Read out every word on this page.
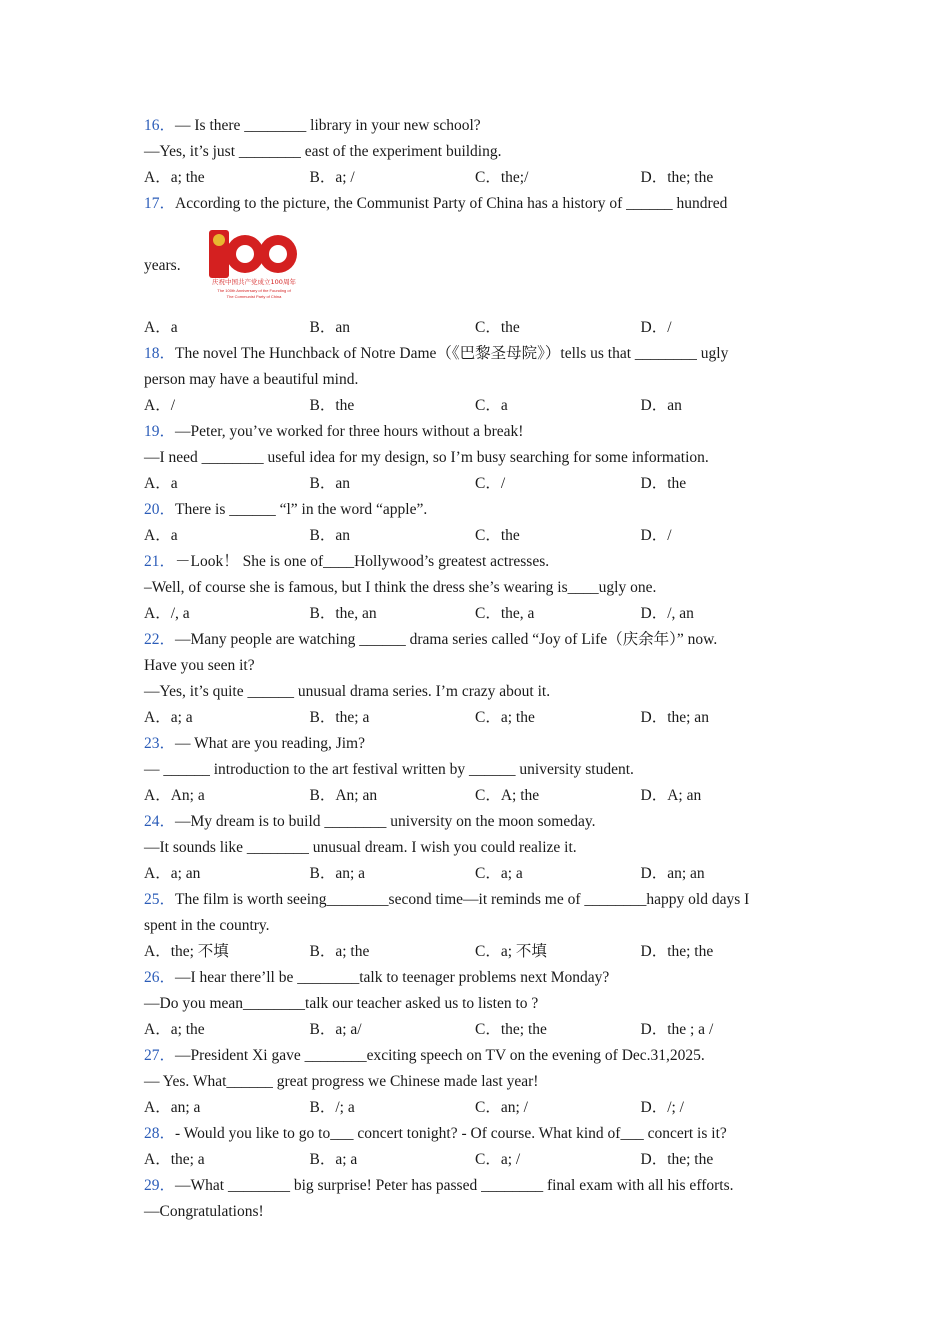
16．— Is there ________ library in your new school?
—Yes, it’s just ________ east of the experiment building.
A．a; the	B．a; /	C．the;/	D．the; the
17．According to the picture, the Communist Party of China has a history of ______ hundred
years.
庆祝中国共产党成立100周年
The 100th Anniversary of the Founding of
The Communist Party of China
100
A．a	B．an	C．the	D．/
18．The novel The Hunchback of Notre Dame（《巴黎圣母院》）tells us that ________ ugly
person may have a beautiful mind.
A．/	B．the	C．a	D．an
19．—Peter, you’ve worked for three hours without a break!
—I need ________ useful idea for my design, so I’m busy searching for some information.
A．a	B．an	C．/	D．the
20．There is ______ “l” in the word “apple”.
A．a	B．an	C．the	D．/
21．－Look！ She is one of____Hollywood’s greatest actresses.
–Well, of course she is famous, but I think the dress she’s wearing is____ugly one.
A．/, a	B．the, an	C．the, a	D．/, an
22．—Many people are watching ______ drama series called “Joy of Life（庆余年）” now.
Have you seen it?
—Yes, it’s quite ______ unusual drama series. I’m crazy about it.
A．a; a	B．the; a	C．a; the	D．the; an
23．— What are you reading, Jim?
— ______ introduction to the art festival written by ______ university student.
A．An; a	B．An; an	C．A; the	D．A; an
24．—My dream is to build ________ university on the moon someday.
—It sounds like ________ unusual dream. I wish you could realize it.
A．a; an	B．an; a	C．a; a	D．an; an
25．The film is worth seeing________second time—it reminds me of ________happy old days I
spent in the country.
A．the; 不填	B．a; the	C．a; 不填	D．the; the
26．—I hear there’ll be ________talk to teenager problems next Monday?
—Do you mean________talk our teacher asked us to listen to ?
A．a; the	B．a; a/	C．the; the	D．the ; a /
27．—President Xi gave ________exciting speech on TV on the evening of Dec.31,2025.
— Yes. What______ great progress we Chinese made last year!
A．an; a	B．/; a	C．an; /	D．/; /
28．- Would you like to go to___ concert tonight? - Of course. What kind of___ concert is it?
A．the; a	B．a; a	C．a; /	D．the; the
29．—What ________ big surprise! Peter has passed ________ final exam with all his efforts.
—Congratulations!
